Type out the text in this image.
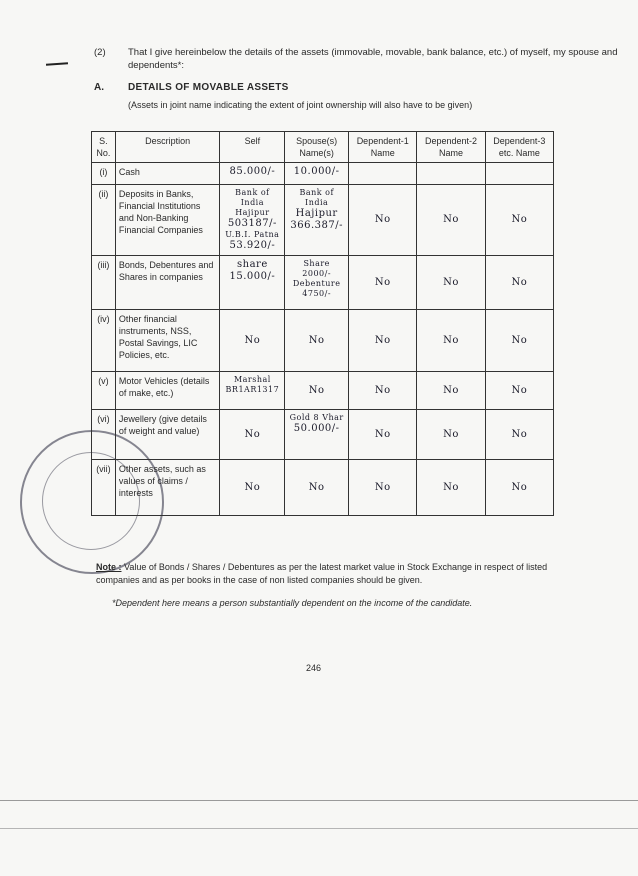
(2) That I give hereinbelow the details of the assets (immovable, movable, bank balance, etc.) of myself, my spouse and dependents*:
A. DETAILS OF MOVABLE ASSETS
(Assets in joint name indicating the extent of joint ownership will also have to be given)
S. No.	Description	Self	Spouse(s) Name(s)	Dependent-1 Name	Dependent-2 Name	Dependent-3 etc. Name
(i)	Cash	85.000/-	10.000/-			
(ii)	Deposits in Banks, Financial Institutions and Non-Banking Financial Companies	Bank of India Hajipur
503187/-
U.B.I. Patna
53.920/-	Bank of India
Hajipur
366.387/-	No	No	No
(iii)	Bonds, Debentures and Shares in companies	share
15.000/-	Share
2000/-
Debenture
4750/-	No	No	No
(iv)	Other financial instruments, NSS, Postal Savings, LIC Policies, etc.	No	No	No	No	No
(v)	Motor Vehicles (details of make, etc.)	Marshal
BR1AR1317	No	No	No	No
(vi)	Jewellery (give details of weight and value)	No	Gold 8 Vhar
50.000/-	No	No	No
(vii)	Other assets, such as values of claims / interests	No	No	No	No	No
Note : Value of Bonds / Shares / Debentures as per the latest market value in Stock Exchange in respect of listed companies and as per books in the case of non listed companies should be given.
*Dependent here means a person substantially dependent on the income of the candidate.
246
